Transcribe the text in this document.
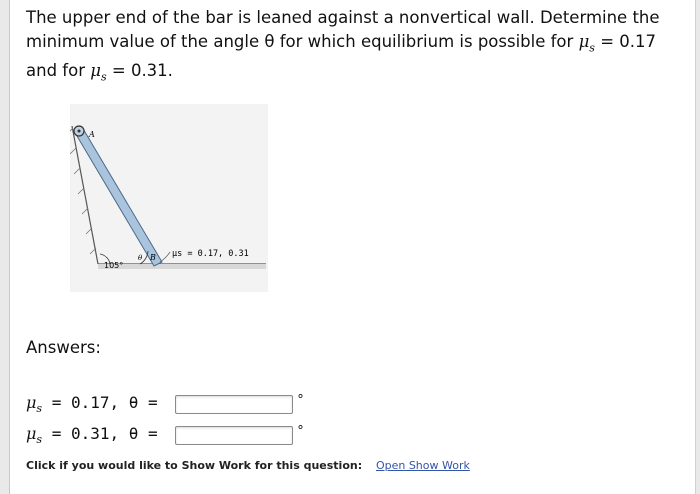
The upper end of the bar is leaned against a nonvertical wall. Determine the minimum value of the angle θ for which equilibrium is possible for $\mu_s = 0.17$ and for $\mu_s = 0.31$.
A
105°
θ B μs = 0.17, 0.31
Answers:
$\mu_s = 0.17$, θ =	°
$\mu_s = 0.31$, θ =	°
Click if you would like to Show Work for this question: Open Show Work
